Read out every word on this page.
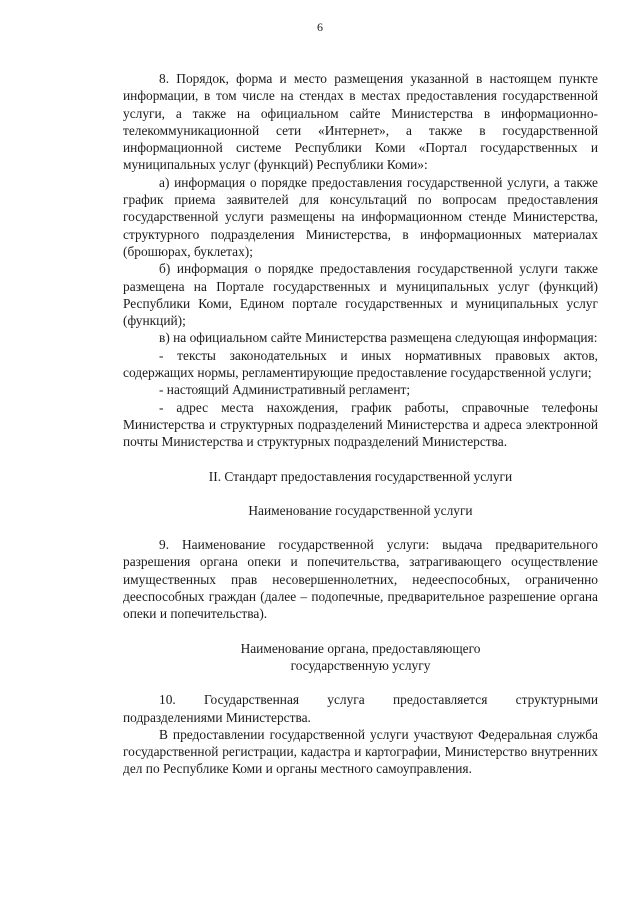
6

8. Порядок, форма и место размещения указанной в настоящем пункте информации, в том числе на стендах в местах предоставления государственной услуги, а также на официальном сайте Министерства в информационно-телекоммуникационной сети «Интернет», а также в государственной информационной системе Республики Коми «Портал государственных и муниципальных услуг (функций) Республики Коми»:

а) информация о порядке предоставления государственной услуги, а также график приема заявителей для консультаций по вопросам предоставления государственной услуги размещены на информационном стенде Министерства, структурного подразделения Министерства, в информационных материалах (брошюрах, буклетах);

б) информация о порядке предоставления государственной услуги также размещена на Портале государственных и муниципальных услуг (функций) Республики Коми, Едином портале государственных и муниципальных услуг (функций);

в) на официальном сайте Министерства размещена следующая информация:

- тексты законодательных и иных нормативных правовых актов, содержащих нормы, регламентирующие предоставление государственной услуги;

- настоящий Административный регламент;

- адрес места нахождения, график работы, справочные телефоны Министерства и структурных подразделений Министерства и адреса электронной почты Министерства и структурных подразделений Министерства.

II. Стандарт предоставления государственной услуги

Наименование государственной услуги

9. Наименование государственной услуги: выдача предварительного разрешения органа опеки и попечительства, затрагивающего осуществление имущественных прав несовершеннолетних, недееспособных, ограниченно дееспособных граждан (далее – подопечные, предварительное разрешение органа опеки и попечительства).

Наименование органа, предоставляющего

государственную услугу

10. Государственная услуга предоставляется структурными подразделениями Министерства.

В предоставлении государственной услуги участвуют Федеральная служба государственной регистрации, кадастра и картографии, Министерство внутренних дел по Республике Коми и органы местного самоуправления.
